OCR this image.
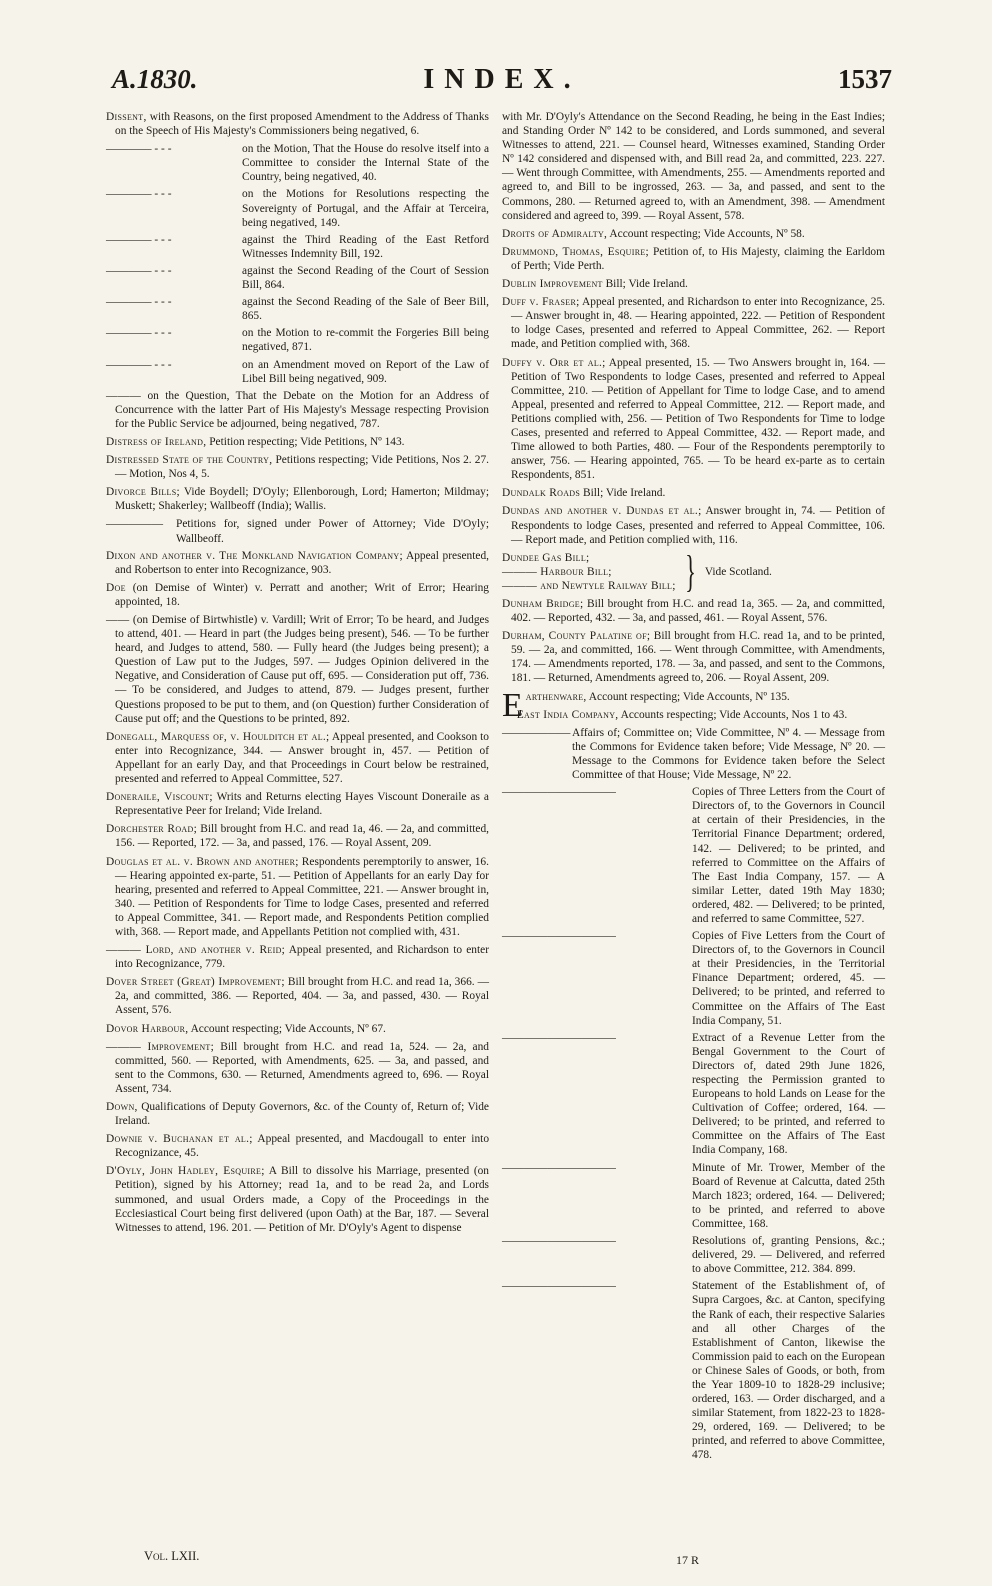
A.1830.	INDEX.	1537
Dissent, with Reasons, on the first proposed Amendment to the Address of Thanks on the Speech of His Majesty's Commissioners being negatived, 6.
———— - - -	on the Motion, That the House do resolve itself into a Committee to consider the Internal State of the Country, being negatived, 40.
———— - - -	on the Motions for Resolutions respecting the Sovereignty of Portugal, and the Affair at Terceira, being negatived, 149.
———— - - -	against the Third Reading of the East Retford Witnesses Indemnity Bill, 192.
———— - - -	against the Second Reading of the Court of Session Bill, 864.
———— - - -	against the Second Reading of the Sale of Beer Bill, 865.
———— - - -	on the Motion to re-commit the Forgeries Bill being negatived, 871.
———— - - -	on an Amendment moved on Report of the Law of Libel Bill being negatived, 909.
——— on the Question, That the Debate on the Motion for an Address of Concurrence with the latter Part of His Majesty's Message respecting Provision for the Public Service be adjourned, being negatived, 787.
Distress of Ireland, Petition respecting; Vide Petitions, Nº 143.
Distressed State of the Country, Petitions respecting; Vide Petitions, Nos 2. 27. — Motion, Nos 4, 5.
Divorce Bills; Vide Boydell; D'Oyly; Ellenborough, Lord; Hamerton; Mildmay; Muskett; Shakerley; Wallbeoff (India); Wallis.
—————	Petitions for, signed under Power of Attorney; Vide D'Oyly; Wallbeoff.
Dixon and another v. The Monkland Navigation Company; Appeal presented, and Robertson to enter into Recognizance, 903.
Doe (on Demise of Winter) v. Perratt and another; Writ of Error; Hearing appointed, 18.
—— (on Demise of Birtwhistle) v. Vardill; Writ of Error; To be heard, and Judges to attend, 401. — Heard in part (the Judges being present), 546. — To be further heard, and Judges to attend, 580. — Fully heard (the Judges being present); a Question of Law put to the Judges, 597. — Judges Opinion delivered in the Negative, and Consideration of Cause put off, 695. — Consideration put off, 736. — To be considered, and Judges to attend, 879. — Judges present, further Questions proposed to be put to them, and (on Question) further Consideration of Cause put off; and the Questions to be printed, 892.
Donegall, Marquess of, v. Houlditch et al.; Appeal presented, and Cookson to enter into Recognizance, 344. — Answer brought in, 457. — Petition of Appellant for an early Day, and that Proceedings in Court below be restrained, presented and referred to Appeal Committee, 527.
Doneraile, Viscount; Writs and Returns electing Hayes Viscount Doneraile as a Representative Peer for Ireland; Vide Ireland.
Dorchester Road; Bill brought from H.C. and read 1a, 46. — 2a, and committed, 156. — Reported, 172. — 3a, and passed, 176. — Royal Assent, 209.
Douglas et al. v. Brown and another; Respondents peremptorily to answer, 16. — Hearing appointed ex-parte, 51. — Petition of Appellants for an early Day for hearing, presented and referred to Appeal Committee, 221. — Answer brought in, 340. — Petition of Respondents for Time to lodge Cases, presented and referred to Appeal Committee, 341. — Report made, and Respondents Petition complied with, 368. — Report made, and Appellants Petition not complied with, 431.
——— Lord, and another v. Reid; Appeal presented, and Richardson to enter into Recognizance, 779.
Dover Street (Great) Improvement; Bill brought from H.C. and read 1a, 366. — 2a, and committed, 386. — Reported, 404. — 3a, and passed, 430. — Royal Assent, 576.
Dovor Harbour, Account respecting; Vide Accounts, Nº 67.
——— Improvement; Bill brought from H.C. and read 1a, 524. — 2a, and committed, 560. — Reported, with Amendments, 625. — 3a, and passed, and sent to the Commons, 630. — Returned, Amendments agreed to, 696. — Royal Assent, 734.
Down, Qualifications of Deputy Governors, &c. of the County of, Return of; Vide Ireland.
Downie v. Buchanan et al.; Appeal presented, and Macdougall to enter into Recognizance, 45.
D'Oyly, John Hadley, Esquire; A Bill to dissolve his Marriage, presented (on Petition), signed by his Attorney; read 1a, and to be read 2a, and Lords summoned, and usual Orders made, a Copy of the Proceedings in the Ecclesiastical Court being first delivered (upon Oath) at the Bar, 187. — Several Witnesses to attend, 196. 201. — Petition of Mr. D'Oyly's Agent to dispense
with Mr. D'Oyly's Attendance on the Second Reading, he being in the East Indies; and Standing Order Nº 142 to be considered, and Lords summoned, and several Witnesses to attend, 221. — Counsel heard, Witnesses examined, Standing Order Nº 142 considered and dispensed with, and Bill read 2a, and committed, 223. 227. — Went through Committee, with Amendments, 255. — Amendments reported and agreed to, and Bill to be ingrossed, 263. — 3a, and passed, and sent to the Commons, 280. — Returned agreed to, with an Amendment, 398. — Amendment considered and agreed to, 399. — Royal Assent, 578.
Droits of Admiralty, Account respecting; Vide Accounts, Nº 58.
Drummond, Thomas, Esquire; Petition of, to His Majesty, claiming the Earldom of Perth; Vide Perth.
Dublin Improvement Bill; Vide Ireland.
Duff v. Fraser; Appeal presented, and Richardson to enter into Recognizance, 25. — Answer brought in, 48. — Hearing appointed, 222. — Petition of Respondent to lodge Cases, presented and referred to Appeal Committee, 262. — Report made, and Petition complied with, 368.
Duffy v. Orr et al.; Appeal presented, 15. — Two Answers brought in, 164. — Petition of Two Respondents to lodge Cases, presented and referred to Appeal Committee, 210. — Petition of Appellant for Time to lodge Case, and to amend Appeal, presented and referred to Appeal Committee, 212. — Report made, and Petitions complied with, 256. — Petition of Two Respondents for Time to lodge Cases, presented and referred to Appeal Committee, 432. — Report made, and Time allowed to both Parties, 480. — Four of the Respondents peremptorily to answer, 756. — Hearing appointed, 765. — To be heard ex-parte as to certain Respondents, 851.
Dundalk Roads Bill; Vide Ireland.
Dundas and another v. Dundas et al.; Answer brought in, 74. — Petition of Respondents to lodge Cases, presented and referred to Appeal Committee, 106. — Report made, and Petition complied with, 116.
Dundee Gas Bill;
——— Harbour Bill;
——— and Newtyle Railway Bill; } Vide Scotland.
Dunham Bridge; Bill brought from H.C. and read 1a, 365. — 2a, and committed, 402. — Reported, 432. — 3a, and passed, 461. — Royal Assent, 576.
Durham, County Palatine of; Bill brought from H.C. read 1a, and to be printed, 59. — 2a, and committed, 166. — Went through Committee, with Amendments, 174. — Amendments reported, 178. — 3a, and passed, and sent to the Commons, 181. — Returned, Amendments agreed to, 206. — Royal Assent, 209.
Earthenware, Account respecting; Vide Accounts, Nº 135.
East India Company, Accounts respecting; Vide Accounts, Nos 1 to 43.
—————— Affairs of; Committee on; Vide Committee, Nº 4. — Message from the Commons for Evidence taken before; Vide Message, Nº 20. — Message to the Commons for Evidence taken before the Select Committee of that House; Vide Message, Nº 22.
——————————	Copies of Three Letters from the Court of Directors of, to the Governors in Council at certain of their Presidencies, in the Territorial Finance Department; ordered, 142. — Delivered; to be printed, and referred to Committee on the Affairs of The East India Company, 157. — A similar Letter, dated 19th May 1830; ordered, 482. — Delivered; to be printed, and referred to same Committee, 527.
——————————	Copies of Five Letters from the Court of Directors of, to the Governors in Council at their Presidencies, in the Territorial Finance Department; ordered, 45. — Delivered; to be printed, and referred to Committee on the Affairs of The East India Company, 51.
——————————	Extract of a Revenue Letter from the Bengal Government to the Court of Directors of, dated 29th June 1826, respecting the Permission granted to Europeans to hold Lands on Lease for the Cultivation of Coffee; ordered, 164. — Delivered; to be printed, and referred to Committee on the Affairs of The East India Company, 168.
——————————	Minute of Mr. Trower, Member of the Board of Revenue at Calcutta, dated 25th March 1823; ordered, 164. — Delivered; to be printed, and referred to above Committee, 168.
——————————	Resolutions of, granting Pensions, &c.; delivered, 29. — Delivered, and referred to above Committee, 212. 384. 899.
——————————	Statement of the Establishment of, of Supra Cargoes, &c. at Canton, specifying the Rank of each, their respective Salaries and all other Charges of the Establishment of Canton, likewise the Commission paid to each on the European or Chinese Sales of Goods, or both, from the Year 1809-10 to 1828-29 inclusive; ordered, 163. — Order discharged, and a similar Statement, from 1822-23 to 1828-29, ordered, 169. — Delivered; to be printed, and referred to above Committee, 478.
Vol. LXII.	17 R
